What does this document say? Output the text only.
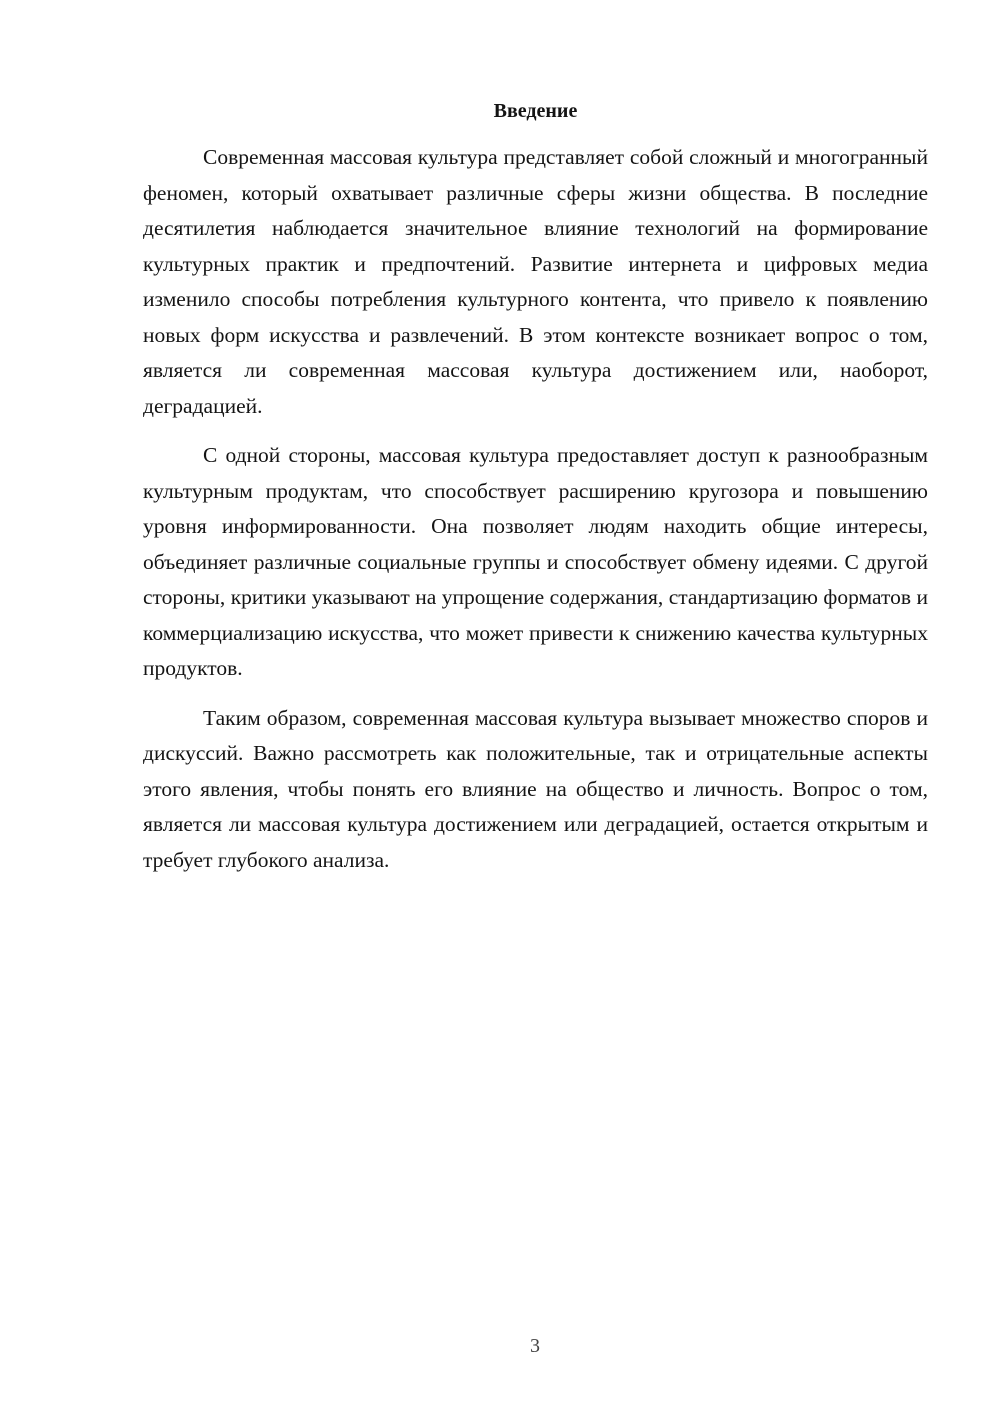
Введение

Современная массовая культура представляет собой сложный и многогранный феномен, который охватывает различные сферы жизни общества. В последние десятилетия наблюдается значительное влияние технологий на формирование культурных практик и предпочтений. Развитие интернета и цифровых медиа изменило способы потребления культурного контента, что привело к появлению новых форм искусства и развлечений. В этом контексте возникает вопрос о том, является ли современная массовая культура достижением или, наоборот, деградацией.

С одной стороны, массовая культура предоставляет доступ к разнообразным культурным продуктам, что способствует расширению кругозора и повышению уровня информированности. Она позволяет людям находить общие интересы, объединяет различные социальные группы и способствует обмену идеями. С другой стороны, критики указывают на упрощение содержания, стандартизацию форматов и коммерциализацию искусства, что может привести к снижению качества культурных продуктов.

Таким образом, современная массовая культура вызывает множество споров и дискуссий. Важно рассмотреть как положительные, так и отрицательные аспекты этого явления, чтобы понять его влияние на общество и личность. Вопрос о том, является ли массовая культура достижением или деградацией, остается открытым и требует глубокого анализа.

3
